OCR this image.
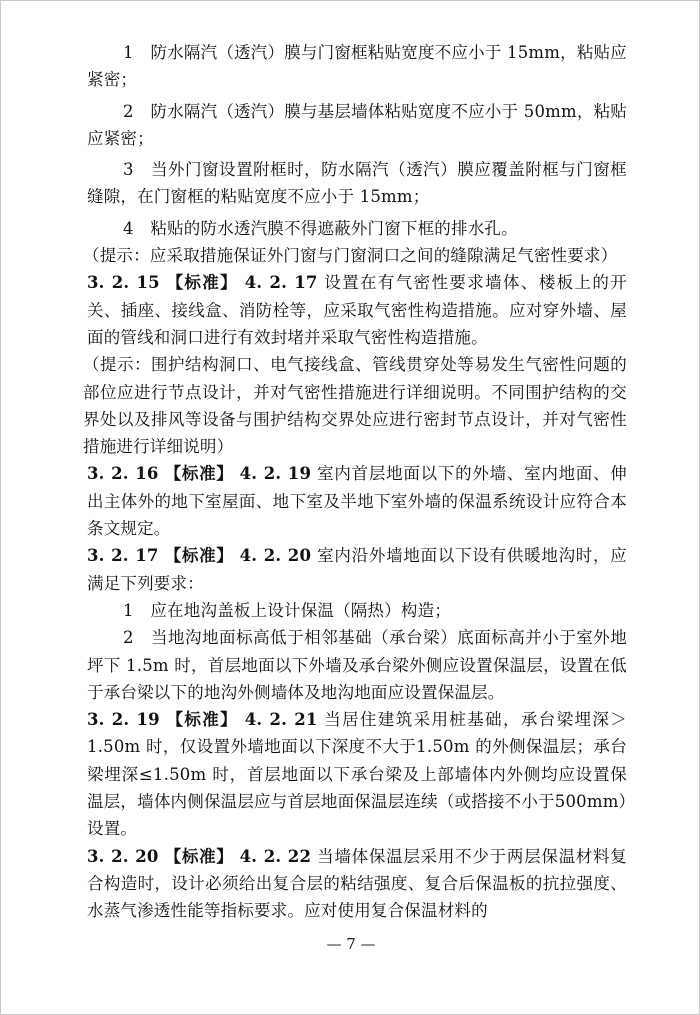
1　防水隔汽（透汽）膜与门窗框粘贴宽度不应小于 15mm，粘贴应紧密；

2　防水隔汽（透汽）膜与基层墙体粘贴宽度不应小于 50mm，粘贴应紧密；

3　当外门窗设置附框时，防水隔汽（透汽）膜应覆盖附框与门窗框缝隙，在门窗框的粘贴宽度不应小于 15mm；

4　粘贴的防水透汽膜不得遮蔽外门窗下框的排水孔。

（提示：应采取措施保证外门窗与门窗洞口之间的缝隙满足气密性要求）

3. 2. 15 【标准】 4. 2. 17 设置在有气密性要求墙体、楼板上的开关、插座、接线盒、消防栓等，应采取气密性构造措施。应对穿外墙、屋面的管线和洞口进行有效封堵并采取气密性构造措施。

（提示：围护结构洞口、电气接线盒、管线贯穿处等易发生气密性问题的部位应进行节点设计，并对气密性措施进行详细说明。不同围护结构的交界处以及排风等设备与围护结构交界处应进行密封节点设计，并对气密性措施进行详细说明）

3. 2. 16 【标准】 4. 2. 19 室内首层地面以下的外墙、室内地面、伸出主体外的地下室屋面、地下室及半地下室外墙的保温系统设计应符合本条文规定。

3. 2. 17 【标准】 4. 2. 20 室内沿外墙地面以下设有供暖地沟时，应满足下列要求：

1　应在地沟盖板上设计保温（隔热）构造；

2　当地沟地面标高低于相邻基础（承台梁）底面标高并小于室外地坪下 1.5m 时，首层地面以下外墙及承台梁外侧应设置保温层，设置在低于承台梁以下的地沟外侧墙体及地沟地面应设置保温层。

3. 2. 19 【标准】 4. 2. 21 当居住建筑采用桩基础，承台梁埋深＞1.50m 时，仅设置外墙地面以下深度不大于1.50m 的外侧保温层；承台梁埋深≤1.50m 时，首层地面以下承台梁及上部墙体内外侧均应设置保温层，墙体内侧保温层应与首层地面保温层连续（或搭接不小于500mm）设置。

3. 2. 20 【标准】 4. 2. 22 当墙体保温层采用不少于两层保温材料复合构造时，设计必须给出复合层的粘结强度、复合后保温板的抗拉强度、水蒸气渗透性能等指标要求。应对使用复合保温材料的

— 7 —
